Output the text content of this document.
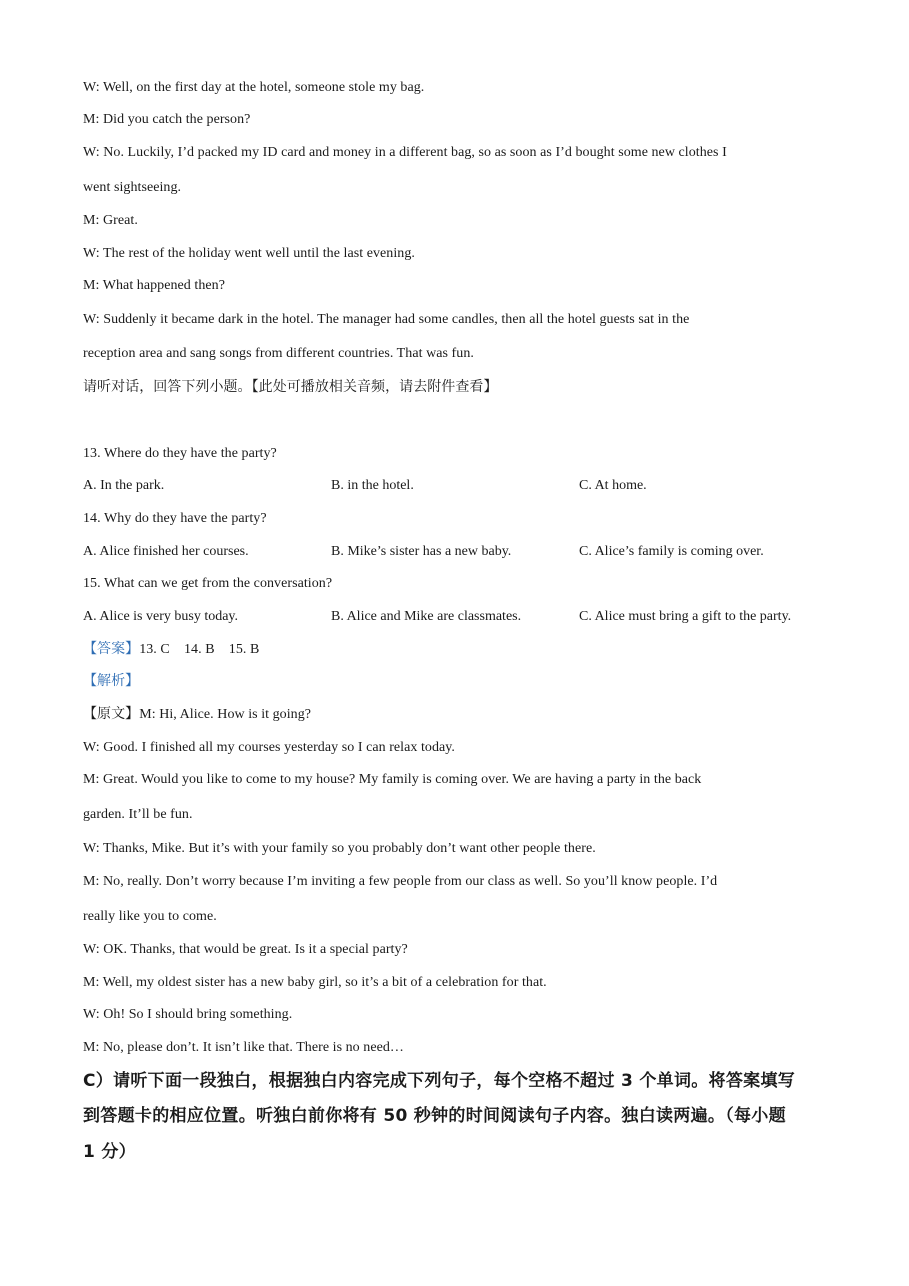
W: Well, on the first day at the hotel, someone stole my bag.
M: Did you catch the person?
W: No. Luckily, I’d packed my ID card and money in a different bag, so as soon as I’d bought some new clothes I
went sightseeing.
M: Great.
W: The rest of the holiday went well until the last evening.
M: What happened then?
W: Suddenly it became dark in the hotel. The manager had some candles, then all the hotel guests sat in the
reception area and sang songs from different countries. That was fun.
请听对话，回答下列小题。【此处可播放相关音频，请去附件查看】
13. Where do they have the party?
A. In the park.	B. in the hotel.	C. At home.
14. Why do they have the party?
A. Alice finished her courses.	B. Mike’s sister has a new baby.	C. Alice’s family is coming over.
15. What can we get from the conversation?
A. Alice is very busy today.	B. Alice and Mike are classmates.	C. Alice must bring a gift to the party.
【答案】13. C    14. B    15. B
【解析】
【原文】M: Hi, Alice. How is it going?
W: Good. I finished all my courses yesterday so I can relax today.
M: Great. Would you like to come to my house? My family is coming over. We are having a party in the back
garden. It’ll be fun.
W: Thanks, Mike. But it’s with your family so you probably don’t want other people there.
M: No, really. Don’t worry because I’m inviting a few people from our class as well. So you’ll know people. I’d
really like you to come.
W: OK. Thanks, that would be great. Is it a special party?
M: Well, my oldest sister has a new baby girl, so it’s a bit of a celebration for that.
W: Oh! So I should bring something.
M: No, please don’t. It isn’t like that. There is no need…
C）请听下面一段独白，根据独白内容完成下列句子，每个空格不超过 3 个单词。将答案填写
到答题卡的相应位置。听独白前你将有 50 秒钟的时间阅读句子内容。独白读两遍。（每小题
1 分）
